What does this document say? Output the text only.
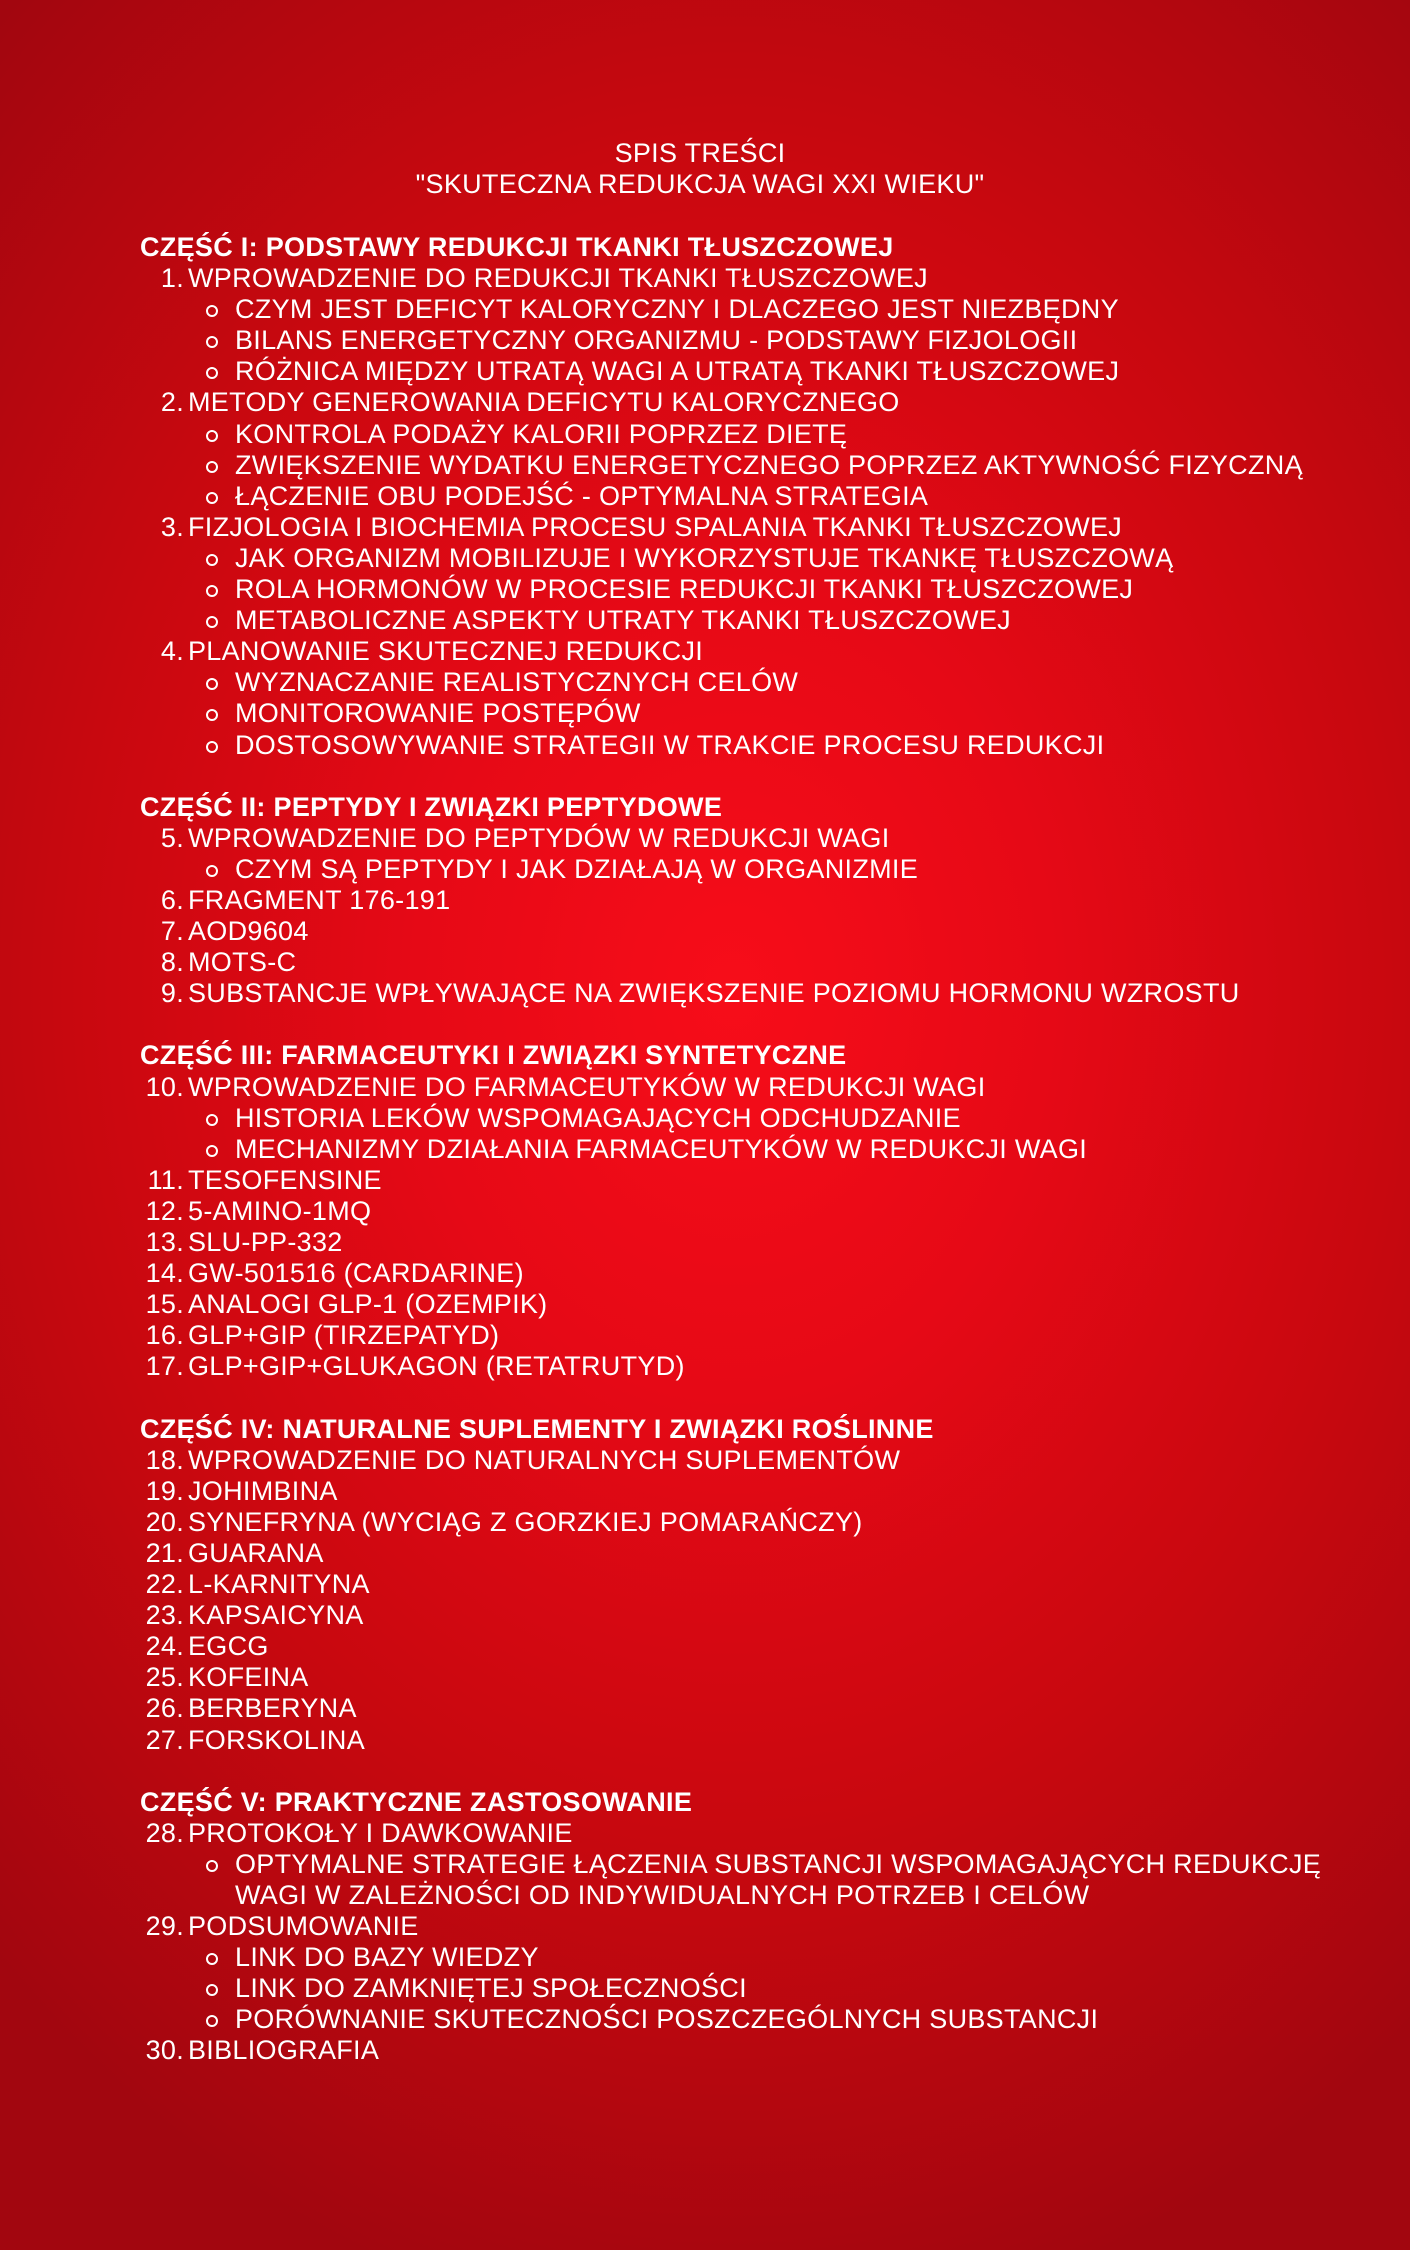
SPIS TREŚCI
"SKUTECZNA REDUKCJA WAGI XXI WIEKU"
CZĘŚĆ I: PODSTAWY REDUKCJI TKANKI TŁUSZCZOWEJ
1. WPROWADZENIE DO REDUKCJI TKANKI TŁUSZCZOWEJ
CZYM JEST DEFICYT KALORYCZNY I DLACZEGO JEST NIEZBĘDNY
BILANS ENERGETYCZNY ORGANIZMU - PODSTAWY FIZJOLOGII
RÓŻNICA MIĘDZY UTRATĄ WAGI A UTRATĄ TKANKI TŁUSZCZOWEJ
2. METODY GENEROWANIA DEFICYTU KALORYCZNEGO
KONTROLA PODAŻY KALORII POPRZEZ DIETĘ
ZWIĘKSZENIE WYDATKU ENERGETYCZNEGO POPRZEZ AKTYWNOŚĆ FIZYCZNĄ
ŁĄCZENIE OBU PODEJŚĆ - OPTYMALNA STRATEGIA
3. FIZJOLOGIA I BIOCHEMIA PROCESU SPALANIA TKANKI TŁUSZCZOWEJ
JAK ORGANIZM MOBILIZUJE I WYKORZYSTUJE TKANKĘ TŁUSZCZOWĄ
ROLA HORMONÓW W PROCESIE REDUKCJI TKANKI TŁUSZCZOWEJ
METABOLICZNE ASPEKTY UTRATY TKANKI TŁUSZCZOWEJ
4. PLANOWANIE SKUTECZNEJ REDUKCJI
WYZNACZANIE REALISTYCZNYCH CELÓW
MONITOROWANIE POSTĘPÓW
DOSTOSOWYWANIE STRATEGII W TRAKCIE PROCESU REDUKCJI
CZĘŚĆ II: PEPTYDY I ZWIĄZKI PEPTYDOWE
5. WPROWADZENIE DO PEPTYDÓW W REDUKCJI WAGI
CZYM SĄ PEPTYDY I JAK DZIAŁAJĄ W ORGANIZMIE
6. FRAGMENT 176-191
7. AOD9604
8. MOTS-C
9. SUBSTANCJE WPŁYWAJĄCE NA ZWIĘKSZENIE POZIOMU HORMONU WZROSTU
CZĘŚĆ III: FARMACEUTYKI I ZWIĄZKI SYNTETYCZNE
10. WPROWADZENIE DO FARMACEUTYKÓW W REDUKCJI WAGI
HISTORIA LEKÓW WSPOMAGAJĄCYCH ODCHUDZANIE
MECHANIZMY DZIAŁANIA FARMACEUTYKÓW W REDUKCJI WAGI
11. TESOFENSINE
12. 5-AMINO-1MQ
13. SLU-PP-332
14. GW-501516 (CARDARINE)
15. ANALOGI GLP-1 (OZEMPIK)
16. GLP+GIP (TIRZEPATYD)
17. GLP+GIP+GLUKAGON (RETATRUTYD)
CZĘŚĆ IV: NATURALNE SUPLEMENTY I ZWIĄZKI ROŚLINNE
18. WPROWADZENIE DO NATURALNYCH SUPLEMENTÓW
19. JOHIMBINA
20. SYNEFRYNA (WYCIĄG Z GORZKIEJ POMARAŃCZY)
21. GUARANA
22. L-KARNITYNA
23. KAPSAICYNA
24. EGCG
25. KOFEINA
26. BERBERYNA
27. FORSKOLINA
CZĘŚĆ V: PRAKTYCZNE ZASTOSOWANIE
28. PROTOKOŁY I DAWKOWANIE
OPTYMALNE STRATEGIE ŁĄCZENIA SUBSTANCJI WSPOMAGAJĄCYCH REDUKCJĘ WAGI W ZALEŻNOŚCI OD INDYWIDUALNYCH POTRZEB I CELÓW
29. PODSUMOWANIE
LINK DO BAZY WIEDZY
LINK DO ZAMKNIĘTEJ SPOŁECZNOŚCI
PORÓWNANIE SKUTECZNOŚCI POSZCZEGÓLNYCH SUBSTANCJI
30. BIBLIOGRAFIA
